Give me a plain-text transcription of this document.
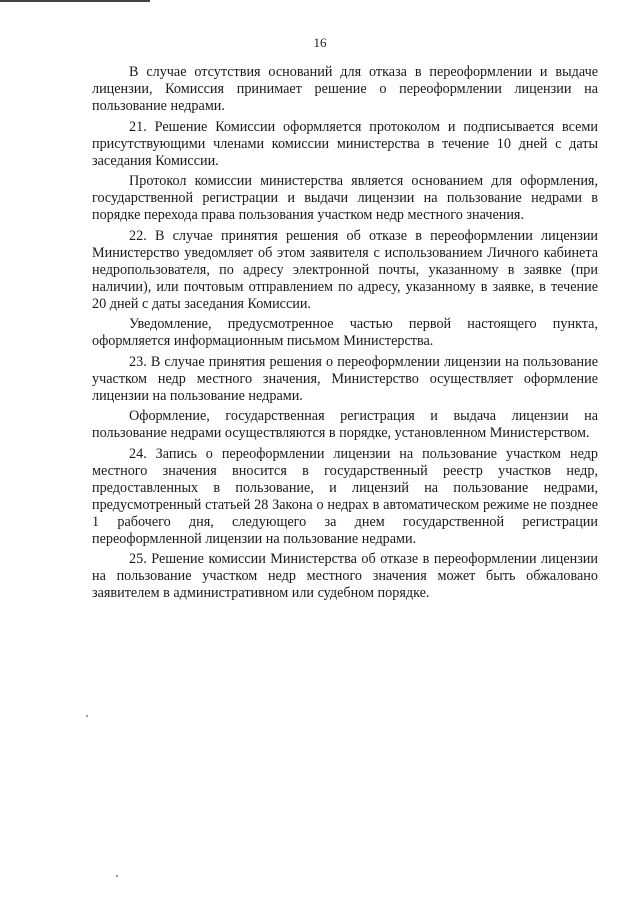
16

В случае отсутствия оснований для отказа в переоформлении и выдаче лицензии, Комиссия принимает решение о переоформлении лицензии на пользование недрами.

21. Решение Комиссии оформляется протоколом и подписывается всеми присутствующими членами комиссии министерства в течение 10 дней с даты заседания Комиссии.

Протокол комиссии министерства является основанием для оформления, государственной регистрации и выдачи лицензии на пользование недрами в порядке перехода права пользования участком недр местного значения.

22. В случае принятия решения об отказе в переоформлении лицензии Министерство уведомляет об этом заявителя с использованием Личного кабинета недропользователя, по адресу электронной почты, указанному в заявке (при наличии), или почтовым отправлением по адресу, указанному в заявке, в течение 20 дней с даты заседания Комиссии.

Уведомление, предусмотренное частью первой настоящего пункта, оформляется информационным письмом Министерства.

23. В случае принятия решения о переоформлении лицензии на пользование участком недр местного значения, Министерство осуществляет оформление лицензии на пользование недрами.

Оформление, государственная регистрация и выдача лицензии на пользование недрами осуществляются в порядке, установленном Министерством.

24. Запись о переоформлении лицензии на пользование участком недр местного значения вносится в государственный реестр участков недр, предоставленных в пользование, и лицензий на пользование недрами, предусмотренный статьей 28 Закона о недрах в автоматическом режиме не позднее 1 рабочего дня, следующего за днем государственной регистрации переоформленной лицензии на пользование недрами.

25. Решение комиссии Министерства об отказе в переоформлении лицензии на пользование участком недр местного значения может быть обжаловано заявителем в административном или судебном порядке.
